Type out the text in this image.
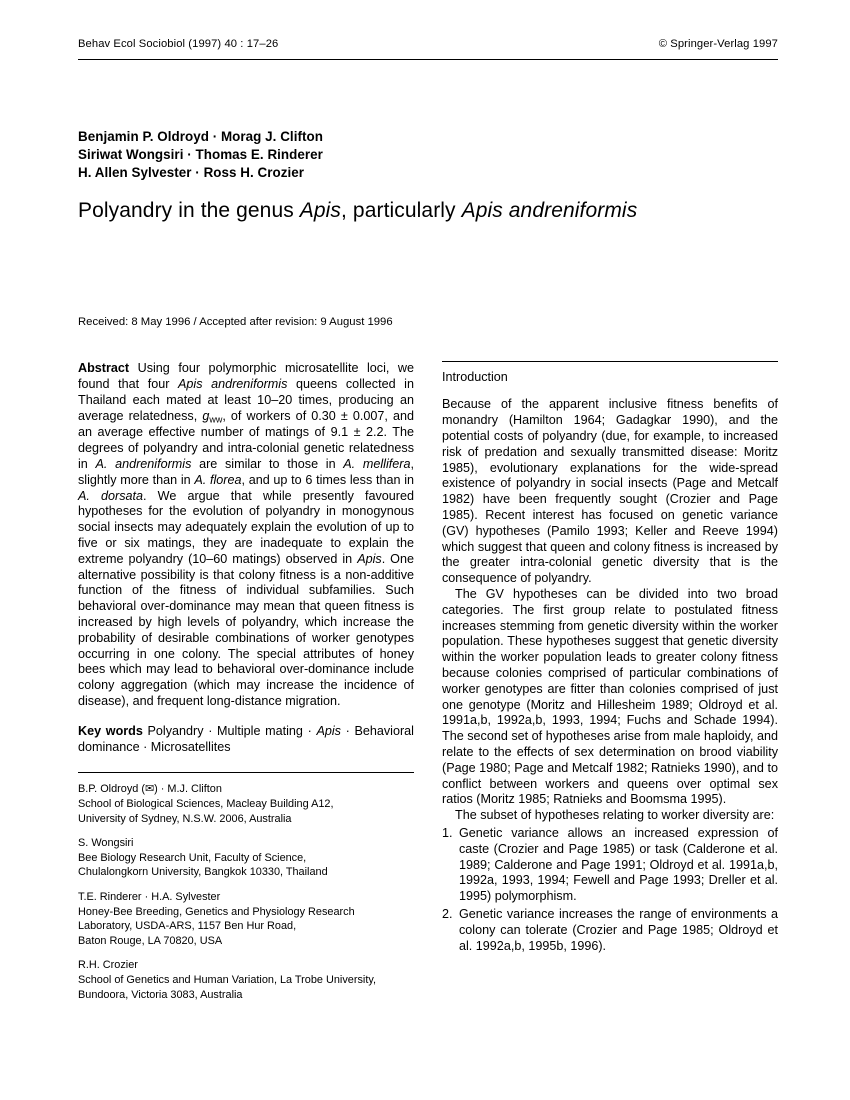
Behav Ecol Sociobiol (1997) 40 : 17–26	© Springer-Verlag 1997
Benjamin P. Oldroyd · Morag J. Clifton
Siriwat Wongsiri · Thomas E. Rinderer
H. Allen Sylvester · Ross H. Crozier
Polyandry in the genus Apis, particularly Apis andreniformis
Received: 8 May 1996 / Accepted after revision: 9 August 1996

Abstract Using four polymorphic microsatellite loci, we found that four Apis andreniformis queens collected in Thailand each mated at least 10–20 times, producing an average relatedness, $g_{ww}$, of workers of 0.30 ± 0.007, and an average effective number of matings of 9.1 ± 2.2. The degrees of polyandry and intra-colonial genetic relatedness in A. andreniformis are similar to those in A. mellifera, slightly more than in A. florea, and up to 6 times less than in A. dorsata. We argue that while presently favoured hypotheses for the evolution of polyandry in monogynous social insects may adequately explain the evolution of up to five or six matings, they are inadequate to explain the extreme polyandry (10–60 matings) observed in Apis. One alternative possibility is that colony fitness is a non-additive function of the fitness of individual subfamilies. Such behavioral over-dominance may mean that queen fitness is increased by high levels of polyandry, which increase the probability of desirable combinations of worker genotypes occurring in one colony. The special attributes of honey bees which may lead to behavioral over-dominance include colony aggregation (which may increase the incidence of disease), and frequent long-distance migration.

Key words Polyandry · Multiple mating · Apis · Behavioral dominance · Microsatellites

B.P. Oldroyd (✉) · M.J. Clifton
School of Biological Sciences, Macleay Building A12,
University of Sydney, N.S.W. 2006, Australia
S. Wongsiri
Bee Biology Research Unit, Faculty of Science,
Chulalongkorn University, Bangkok 10330, Thailand
T.E. Rinderer · H.A. Sylvester
Honey-Bee Breeding, Genetics and Physiology Research
Laboratory, USDA-ARS, 1157 Ben Hur Road,
Baton Rouge, LA 70820, USA
R.H. Crozier
School of Genetics and Human Variation, La Trobe University,
Bundoora, Victoria 3083, Australia
Introduction

Because of the apparent inclusive fitness benefits of monandry (Hamilton 1964; Gadagkar 1990), and the potential costs of polyandry (due, for example, to increased risk of predation and sexually transmitted disease: Moritz 1985), evolutionary explanations for the wide-spread existence of polyandry in social insects (Page and Metcalf 1982) have been frequently sought (Crozier and Page 1985). Recent interest has focused on genetic variance (GV) hypotheses (Pamilo 1993; Keller and Reeve 1994) which suggest that queen and colony fitness is increased by the greater intra-colonial genetic diversity that is the consequence of polyandry.

The GV hypotheses can be divided into two broad categories. The first group relate to postulated fitness increases stemming from genetic diversity within the worker population. These hypotheses suggest that genetic diversity within the worker population leads to greater colony fitness because colonies comprised of particular combinations of worker genotypes are fitter than colonies comprised of just one genotype (Moritz and Hillesheim 1989; Oldroyd et al. 1991a,b, 1992a,b, 1993, 1994; Fuchs and Schade 1994). The second set of hypotheses arise from male haploidy, and relate to the effects of sex determination on brood viability (Page 1980; Page and Metcalf 1982; Ratnieks 1990), and to conflict between workers and queens over optimal sex ratios (Moritz 1985; Ratnieks and Boomsma 1995).

The subset of hypotheses relating to worker diversity are:

1. Genetic variance allows an increased expression of caste (Crozier and Page 1985) or task (Calderone et al. 1989; Calderone and Page 1991; Oldroyd et al. 1991a,b, 1992a, 1993, 1994; Fewell and Page 1993; Dreller et al. 1995) polymorphism.
2. Genetic variance increases the range of environments a colony can tolerate (Crozier and Page 1985; Oldroyd et al. 1992a,b, 1995b, 1996).
